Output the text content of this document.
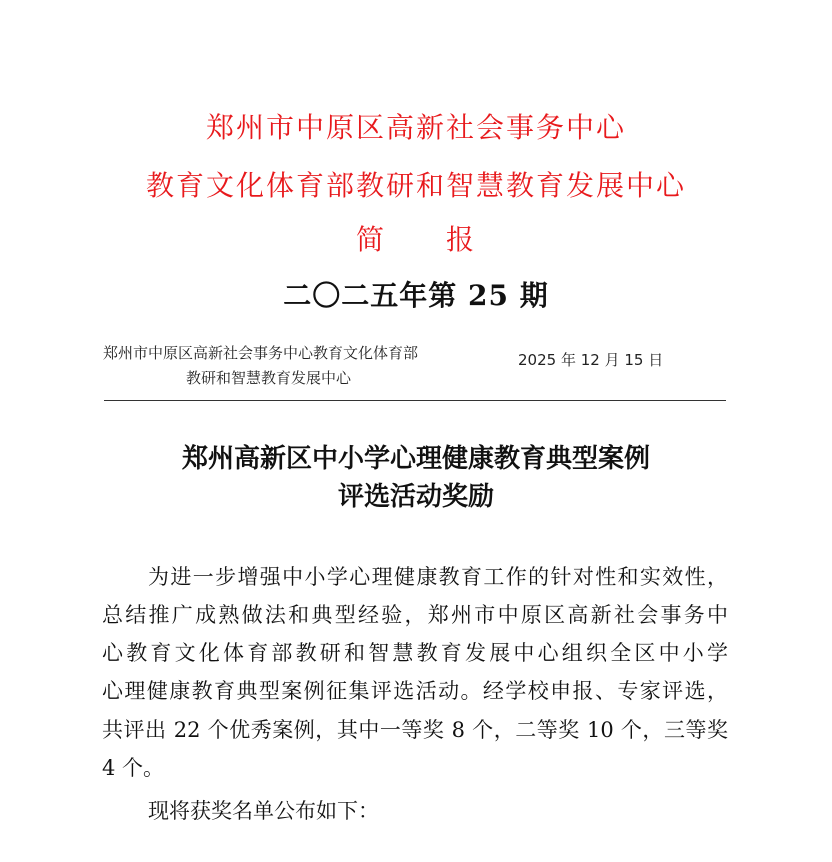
郑州市中原区高新社会事务中心
教育文化体育部教研和智慧教育发展中心
简　　报
二〇二五年第 25 期
郑州市中原区高新社会事务中心教育文化体育部
教研和智慧教育发展中心
2025 年 12 月 15 日
郑州高新区中小学心理健康教育典型案例
评选活动奖励
为进一步增强中小学心理健康教育工作的针对性和实效性，
总结推广成熟做法和典型经验，郑州市中原区高新社会事务中
心教育文化体育部教研和智慧教育发展中心组织全区中小学
心理健康教育典型案例征集评选活动。经学校申报、专家评选，
共评出 22 个优秀案例，其中一等奖 8 个，二等奖 10 个，三等奖
4 个。
现将获奖名单公布如下：
